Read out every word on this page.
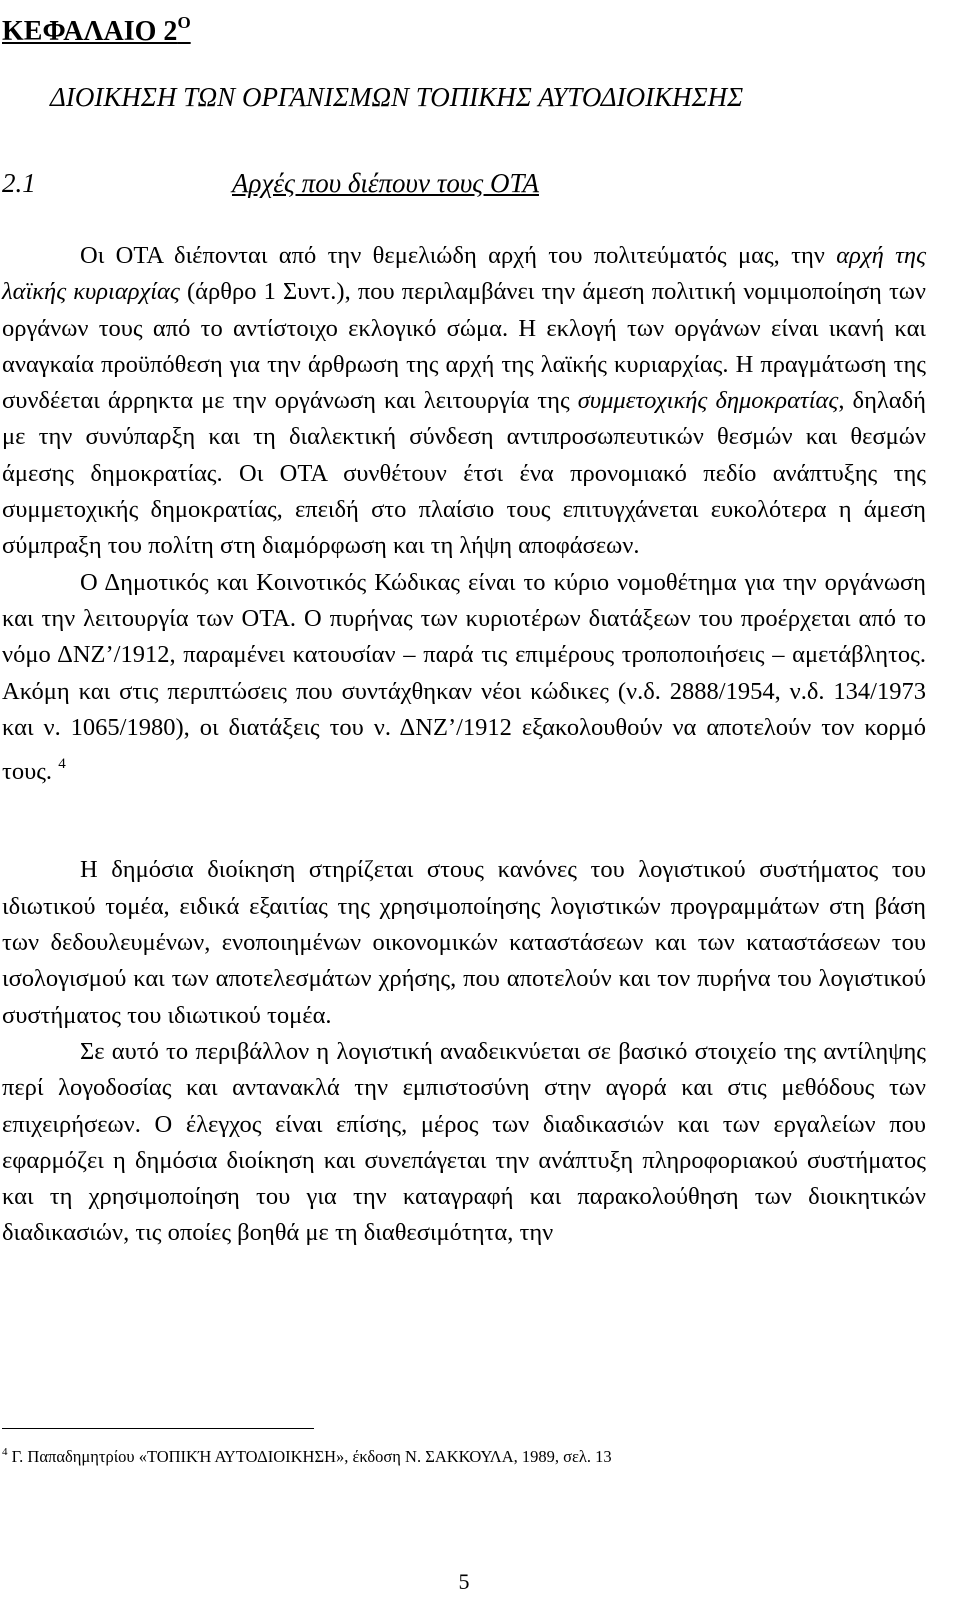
ΚΕΦΑΛΑΙΟ $2^O$
ΔΙΟΙΚΗΣΗ ΤΩΝ ΟΡΓΑΝΙΣΜΩΝ ΤΟΠΙΚΗΣ ΑΥΤΟΔΙΟΙΚΗΣΗΣ
2.1	Αρχές που διέπουν τους ΟΤΑ

Οι ΟΤΑ διέπονται από την θεμελιώδη αρχή του πολιτεύματός μας, την αρχή της λαϊκής κυριαρχίας (άρθρο 1 Συντ.), που περιλαμβάνει την άμεση πολιτική νομιμοποίηση των οργάνων τους από το αντίστοιχο εκλογικό σώμα. Η εκλογή των οργάνων είναι ικανή και αναγκαία προϋπόθεση για την άρθρωση της αρχή της λαϊκής κυριαρχίας. Η πραγμάτωση της συνδέεται άρρηκτα με την οργάνωση και λειτουργία της συμμετοχικής δημοκρατίας, δηλαδή με την συνύπαρξη και τη διαλεκτική σύνδεση αντιπροσωπευτικών θεσμών και θεσμών άμεσης δημοκρατίας. Οι ΟΤΑ συνθέτουν έτσι ένα προνομιακό πεδίο ανάπτυξης της συμμετοχικής δημοκρατίας, επειδή στο πλαίσιο τους επιτυγχάνεται ευκολότερα η άμεση σύμπραξη του πολίτη στη διαμόρφωση και τη λήψη αποφάσεων.

Ο Δημοτικός και Κοινοτικός Κώδικας είναι το κύριο νομοθέτημα για την οργάνωση και την λειτουργία των ΟΤΑ. Ο πυρήνας των κυριοτέρων διατάξεων του προέρχεται από το νόμο ΔΝΖ’/1912, παραμένει κατουσίαν – παρά τις επιμέρους τροποποιήσεις – αμετάβλητος. Ακόμη και στις περιπτώσεις που συντάχθηκαν νέοι κώδικες (ν.δ. 2888/1954, ν.δ. 134/1973 και ν. 1065/1980), οι διατάξεις του ν. ΔΝΖ’/1912 εξακολουθούν να αποτελούν τον κορμό τους. $^4$

Η δημόσια διοίκηση στηρίζεται στους κανόνες του λογιστικού συστήματος του ιδιωτικού τομέα, ειδικά εξαιτίας της χρησιμοποίησης λογιστικών προγραμμάτων στη βάση των δεδουλευμένων, ενοποιημένων οικονομικών καταστάσεων και των καταστάσεων του ισολογισμού και των αποτελεσμάτων χρήσης, που αποτελούν και τον πυρήνα του λογιστικού συστήματος του ιδιωτικού τομέα.

Σε αυτό το περιβάλλον η λογιστική αναδεικνύεται σε βασικό στοιχείο της αντίληψης περί λογοδοσίας και αντανακλά την εμπιστοσύνη στην αγορά και στις μεθόδους των επιχειρήσεων. Ο έλεγχος είναι επίσης, μέρος των διαδικασιών και των εργαλείων που εφαρμόζει η δημόσια διοίκηση και συνεπάγεται την ανάπτυξη πληροφοριακού συστήματος και τη χρησιμοποίηση του για την καταγραφή και παρακολούθηση των διοικητικών διαδικασιών, τις οποίες βοηθά με τη διαθεσιμότητα, την

$^4$ Γ. Παπαδημητρίου «ΤΟΠΙΚΉ ΑΥΤΟΔΙΟΙΚΗΣΗ», έκδοση Ν. ΣΑΚΚΟΥΛΑ, 1989, σελ. 13
5
